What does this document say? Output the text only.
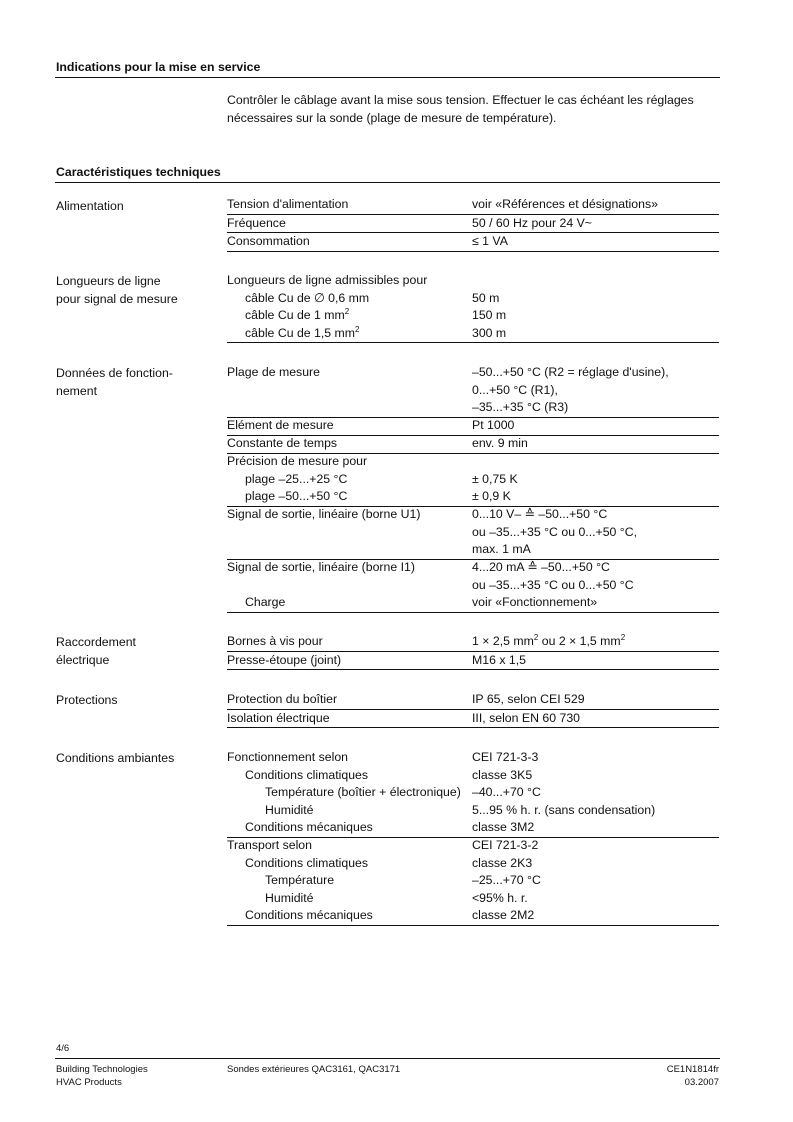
Indications pour la mise en service
Contrôler le câblage avant la mise sous tension. Effectuer le cas échéant les réglages
nécessaires sur la sonde (plage de mesure de température).
Caractéristiques techniques
Alimentation	Tension d'alimentation	voir «Références et désignations»
Fréquence	50 / 60 Hz pour 24 V~
Consommation	≤ 1 VA
Longueurs de ligne
pour signal de mesure
Longueurs de ligne admissibles pour
câble Cu de ∅ 0,6 mm	50 m
câble Cu de 1 $mm^2$	150 m
câble Cu de 1,5 $mm^2$	300 m
Données de fonction-
nement
Plage de mesure	–50...+50 °C (R2 = réglage d'usine),
0...+50 °C (R1),
–35...+35 °C (R3)
Elément de mesure	Pt 1000
Constante de temps	env. 9 min
Précision de mesure pour
plage –25...+25 °C	± 0,75 K
plage –50...+50 °C	± 0,9 K
Signal de sortie, linéaire (borne U1)	0...10 V– ≙ –50...+50 °C
ou –35...+35 °C ou 0...+50 °C,
max. 1 mA
Signal de sortie, linéaire (borne I1)	4...20 mA ≙ –50...+50 °C
ou –35...+35 °C ou 0...+50 °C
Charge	voir «Fonctionnement»
Raccordement
électrique
Bornes à vis pour	1 × 2,5 $mm^2$ ou 2 × 1,5 $mm^2$
Presse-étoupe (joint)	M16 x 1,5
Protections	Protection du boîtier	IP 65, selon CEI 529
Isolation électrique	III, selon EN 60 730
Conditions ambiantes	Fonctionnement selon	CEI 721-3-3
Conditions climatiques	classe 3K5
Température (boîtier + électronique) –40...+70 °C
Humidité	5...95 % h. r. (sans condensation)
Conditions mécaniques	classe 3M2
Transport selon	CEI 721-3-2
Conditions climatiques	classe 2K3
Température	–25...+70 °C
Humidité	<95% h. r.
Conditions mécaniques	classe 2M2
4/6
Building Technologies
HVAC Products
Sondes extérieures QAC3161, QAC3171	CE1N1814fr
03.2007
